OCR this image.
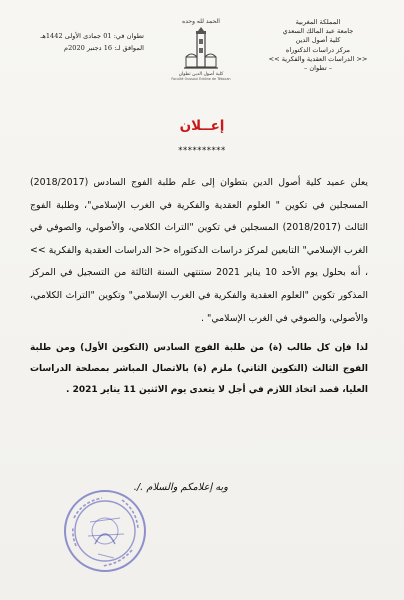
المملكة المغربية
جامعة عبد المالك السعدي
كلية أصول الدين
مركز دراسات الدكتوراه
<< الدراسات العقدية والفكرية >>
– تطوان –
الحمد لله وحده
كلية أصول الدين تطوان
Faculté Oussoul Eddine de Tétouan
تطوان في: 01 جمادى الأولى 1442هـ
الموافق لـ: 16 دجنبر 2020م
إعــلان
**********

يعلن عميد كلية أصول الدين بتطوان إلى علم طلبة الفوج السادس (2018/2017) المسجلين في تكوين " العلوم العقدية والفكرية في الغرب الإسلامي"، وطلبة الفوج الثالث (2018/2017) المسجلين في تكوين "التراث الكلامي، والأصولي، والصوفي في الغرب الإسلامي" التابعين لمركز دراسات الدكتوراه << الدراسات العقدية والفكرية >> ، أنه بحلول يوم الأحد 10 يناير 2021 ستنتهي السنة الثالثة من التسجيل في المركز المذكور تكوين "العلوم العقدية والفكرية في الغرب الإسلامي" وتكوين "التراث الكلامي، والأصولي، والصوفي في الغرب الإسلامي" .

لذا فإن كل طالب (ة) من طلبة الفوج السادس (التكوين الأول) ومن طلبة الفوج الثالث (التكوين الثاني) ملزم (ة) بالاتصال المباشر بمصلحة الدراسات العليا، قصد اتخاذ اللازم في أجل لا يتعدى يوم الاثنين 11 يناير 2021 .

وبه إعلامكم والسلام ./.
